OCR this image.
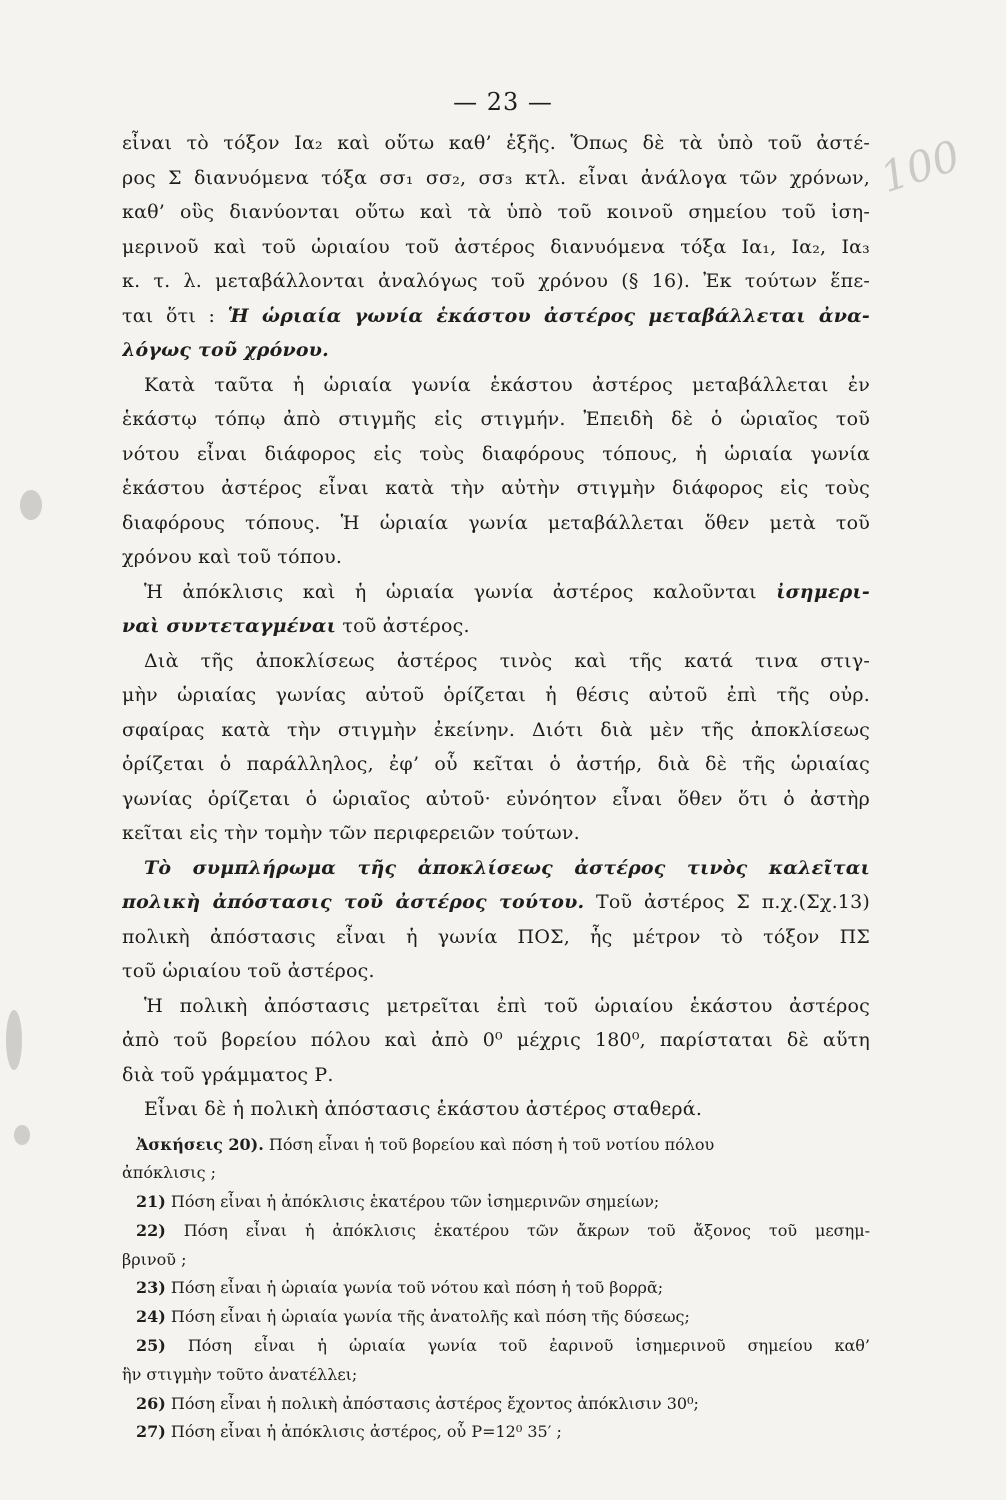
— 23 —
100
εἶναι τὸ τόξον Ια₂ καὶ οὕτω καθ’ ἑξῆς. Ὅπως δὲ τὰ ὑπὸ τοῦ ἀστέ‐
ρος Σ διανυόμενα τόξα σσ₁ σσ₂, σσ₃ κτλ. εἶναι ἀνάλογα τῶν χρόνων,
καθ’ οὓς διανύονται οὕτω καὶ τὰ ὑπὸ τοῦ κοινοῦ σημείου τοῦ ἰση‐
μερινοῦ καὶ τοῦ ὡριαίου τοῦ ἀστέρος διανυόμενα τόξα Ια₁, Ια₂, Ια₃
κ. τ. λ. μεταβάλλονται ἀναλόγως τοῦ χρόνου (§ 16). Ἐκ τούτων ἕπε‐
ται ὅτι : Ἡ ὡριαία γωνία ἑκάστου ἀστέρος μεταβάλλεται ἀνα-
λόγως τοῦ χρόνου.
Κατὰ ταῦτα ἡ ὡριαία γωνία ἑκάστου ἀστέρος μεταβάλλεται ἐν
ἑκάστῳ τόπῳ ἀπὸ στιγμῆς εἰς στιγμήν. Ἐπειδὴ δὲ ὁ ὡριαῖος τοῦ
νότου εἶναι διάφορος εἰς τοὺς διαφόρους τόπους, ἡ ὡριαία γωνία
ἑκάστου ἀστέρος εἶναι κατὰ τὴν αὐτὴν στιγμὴν διάφορος εἰς τοὺς
διαφόρους τόπους. Ἡ ὡριαία γωνία μεταβάλλεται ὅθεν μετὰ τοῦ
χρόνου καὶ τοῦ τόπου.
Ἡ ἀπόκλισις καὶ ἡ ὡριαία γωνία ἀστέρος καλοῦνται ἰσημερι-
ναὶ συντεταγμέναι τοῦ ἀστέρος.
Διὰ τῆς ἀποκλίσεως ἀστέρος τινὸς καὶ τῆς κατά τινα στιγ-
μὴν ὡριαίας γωνίας αὐτοῦ ὁρίζεται ἡ θέσις αὐτοῦ ἐπὶ τῆς οὐρ.
σφαίρας κατὰ τὴν στιγμὴν ἐκείνην. Διότι διὰ μὲν τῆς ἀποκλίσεως
ὁρίζεται ὁ παράλληλος, ἐφ’ οὗ κεῖται ὁ ἀστήρ, διὰ δὲ τῆς ὡριαίας
γωνίας ὁρίζεται ὁ ὡριαῖος αὐτοῦ· εὐνόητον εἶναι ὅθεν ὅτι ὁ ἀστὴρ
κεῖται εἰς τὴν τομὴν τῶν περιφερειῶν τούτων.
Τὸ συμπλήρωμα τῆς ἀποκλίσεως ἀστέρος τινὸς καλεῖται
πολικὴ ἀπόστασις τοῦ ἀστέρος τούτου. Τοῦ ἀστέρος Σ π.χ.(Σχ.13)
πολικὴ ἀπόστασις εἶναι ἡ γωνία ΠΟΣ, ἧς μέτρον τὸ τόξον ΠΣ
τοῦ ὡριαίου τοῦ ἀστέρος.
Ἡ πολικὴ ἀπόστασις μετρεῖται ἐπὶ τοῦ ὡριαίου ἑκάστου ἀστέρος
ἀπὸ τοῦ βορείου πόλου καὶ ἀπὸ 0⁰ μέχρις 180⁰, παρίσταται δὲ αὕτη
διὰ τοῦ γράμματος Ρ.
Εἶναι δὲ ἡ πολικὴ ἀπόστασις ἑκάστου ἀστέρος σταθερά.
Ἀσκήσεις 20). Πόση εἶναι ἡ τοῦ βορείου καὶ πόση ἡ τοῦ νοτίου πόλου
ἀπόκλισις ;
21) Πόση εἶναι ἡ ἀπόκλισις ἑκατέρου τῶν ἰσημερινῶν σημείων;
22) Πόση εἶναι ἡ ἀπόκλισις ἑκατέρου τῶν ἄκρων τοῦ ἄξονος τοῦ μεσημ-
βρινοῦ ;
23) Πόση εἶναι ἡ ὡριαία γωνία τοῦ νότου καὶ πόση ἡ τοῦ βορρᾶ;
24) Πόση εἶναι ἡ ὡριαία γωνία τῆς ἀνατολῆς καὶ πόση τῆς δύσεως;
25) Πόση εἶναι ἡ ὡριαία γωνία τοῦ ἐαρινοῦ ἰσημερινοῦ σημείου καθ’
ἣν στιγμὴν τοῦτο ἀνατέλλει;
26) Πόση εἶναι ἡ πολικὴ ἀπόστασις ἀστέρος ἔχοντος ἀπόκλισιν 30⁰;
27) Πόση εἶναι ἡ ἀπόκλισις ἀστέρος, οὗ Ρ=12⁰ 35′ ;
